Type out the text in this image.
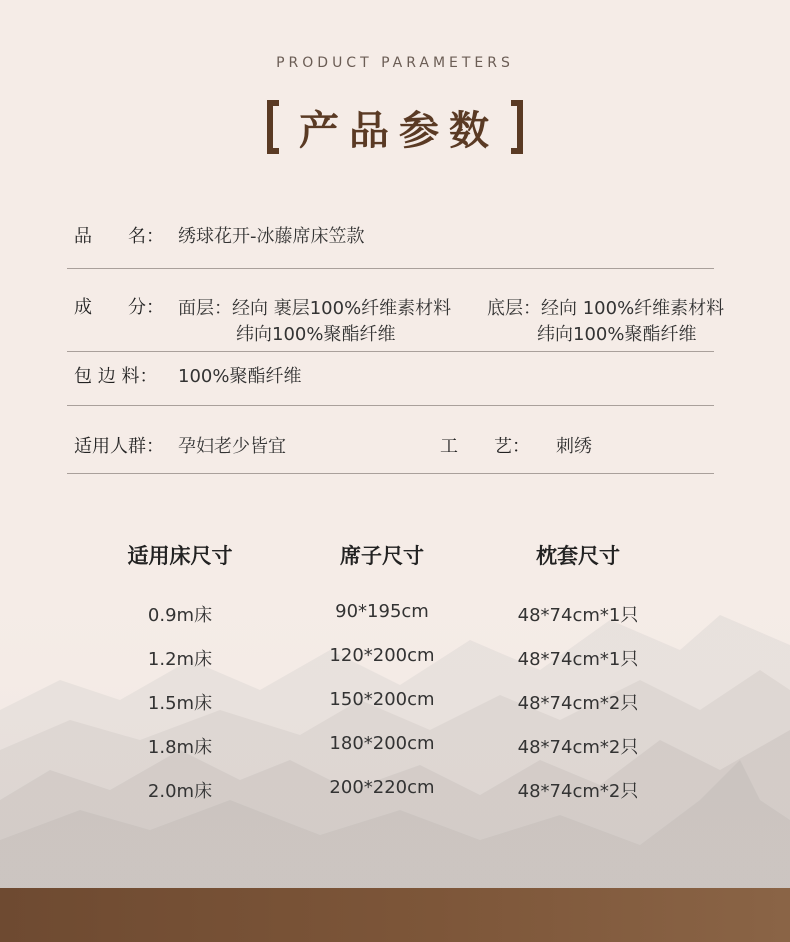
PRODUCT PARAMETERS
产品参数
品　　名： 绣球花开-冰藤席床笠款
成　　分： 面层：经向 裹层100%纤维素材料
纬向100%聚酯纤维
底层：经向 100%纤维素材料
纬向100%聚酯纤维
包 边 料： 100%聚酯纤维
适用人群： 孕妇老少皆宜	工　　艺： 刺绣
适用床尺寸	席子尺寸	枕套尺寸
0.9m床	90*195cm	48*74cm*1只
1.2m床	120*200cm	48*74cm*1只
1.5m床	150*200cm	48*74cm*2只
1.8m床	180*200cm	48*74cm*2只
2.0m床	200*220cm	48*74cm*2只
